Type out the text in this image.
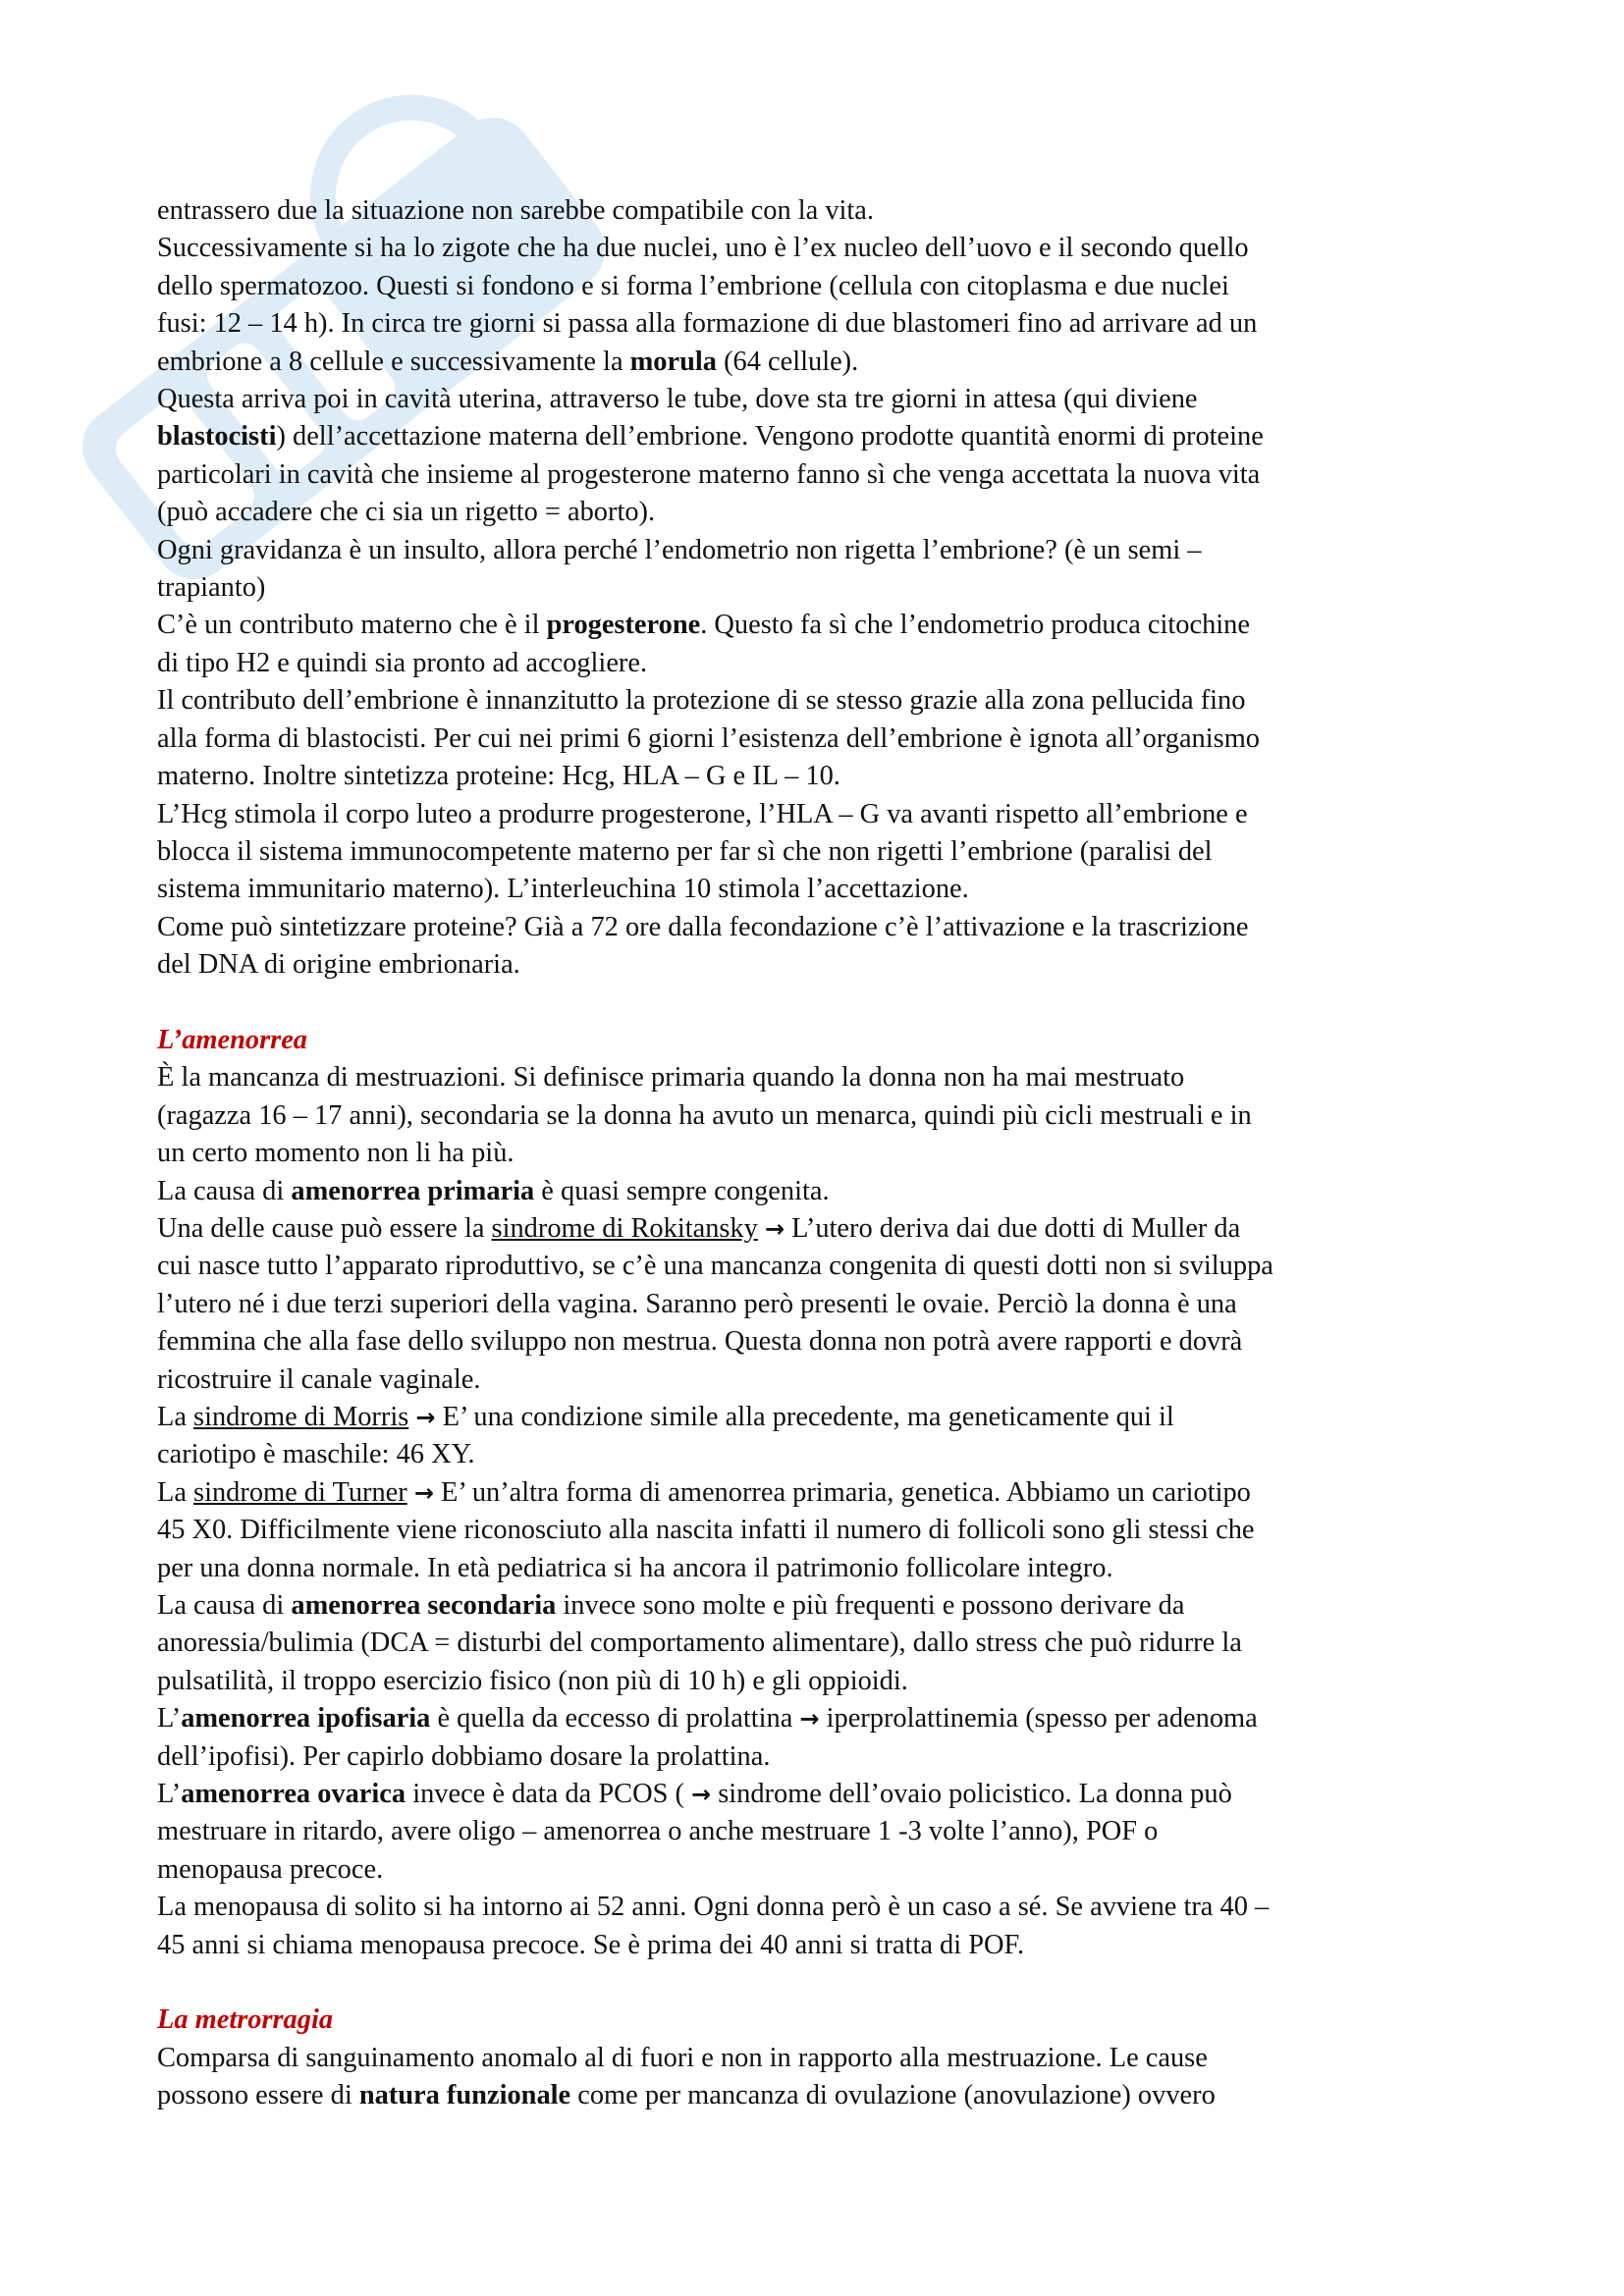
entrassero due la situazione non sarebbe compatibile con la vita.

Successivamente si ha lo zigote che ha due nuclei, uno è l’ex nucleo dell’uovo e il secondo quello

dello spermatozoo. Questi si fondono e si forma l’embrione (cellula con citoplasma e due nuclei

fusi: 12 – 14 h). In circa tre giorni si passa alla formazione di due blastomeri fino ad arrivare ad un

embrione a 8 cellule e successivamente la morula (64 cellule).

Questa arriva poi in cavità uterina, attraverso le tube, dove sta tre giorni in attesa (qui diviene

blastocisti) dell’accettazione materna dell’embrione. Vengono prodotte quantità enormi di proteine

particolari in cavità che insieme al progesterone materno fanno sì che venga accettata la nuova vita

(può accadere che ci sia un rigetto = aborto).

Ogni gravidanza è un insulto, allora perché l’endometrio non rigetta l’embrione? (è un semi –

trapianto)

C’è un contributo materno che è il progesterone. Questo fa sì che l’endometrio produca citochine

di tipo H2 e quindi sia pronto ad accogliere.

Il contributo dell’embrione è innanzitutto la protezione di se stesso grazie alla zona pellucida fino

alla forma di blastocisti. Per cui nei primi 6 giorni l’esistenza dell’embrione è ignota all’organismo

materno. Inoltre sintetizza proteine: Hcg, HLA – G e IL – 10.

L’Hcg stimola il corpo luteo a produrre progesterone, l’HLA – G va avanti rispetto all’embrione e

blocca il sistema immunocompetente materno per far sì che non rigetti l’embrione (paralisi del

sistema immunitario materno). L’interleuchina 10 stimola l’accettazione.

Come può sintetizzare proteine? Già a 72 ore dalla fecondazione c’è l’attivazione e la trascrizione

del DNA di origine embrionaria.

L’amenorrea

È la mancanza di mestruazioni. Si definisce primaria quando la donna non ha mai mestruato

(ragazza 16 – 17 anni), secondaria se la donna ha avuto un menarca, quindi più cicli mestruali e in

un certo momento non li ha più.

La causa di amenorrea primaria è quasi sempre congenita.

Una delle cause può essere la sindrome di Rokitansky → L’utero deriva dai due dotti di Muller da

cui nasce tutto l’apparato riproduttivo, se c’è una mancanza congenita di questi dotti non si sviluppa

l’utero né i due terzi superiori della vagina. Saranno però presenti le ovaie. Perciò la donna è una

femmina che alla fase dello sviluppo non mestrua. Questa donna non potrà avere rapporti e dovrà

ricostruire il canale vaginale.

La sindrome di Morris → E’ una condizione simile alla precedente, ma geneticamente qui il

cariotipo è maschile: 46 XY.

La sindrome di Turner → E’ un’altra forma di amenorrea primaria, genetica. Abbiamo un cariotipo

45 X0. Difficilmente viene riconosciuto alla nascita infatti il numero di follicoli sono gli stessi che

per una donna normale. In età pediatrica si ha ancora il patrimonio follicolare integro.

La causa di amenorrea secondaria invece sono molte e più frequenti e possono derivare da

anoressia/bulimia (DCA = disturbi del comportamento alimentare), dallo stress che può ridurre la

pulsatilità, il troppo esercizio fisico (non più di 10 h) e gli oppioidi.

L’amenorrea ipofisaria è quella da eccesso di prolattina → iperprolattinemia (spesso per adenoma

dell’ipofisi). Per capirlo dobbiamo dosare la prolattina.

L’amenorrea ovarica invece è data da PCOS ( → sindrome dell’ovaio policistico. La donna può

mestruare in ritardo, avere oligo – amenorrea o anche mestruare 1 -3 volte l’anno), POF o

menopausa precoce.

La menopausa di solito si ha intorno ai 52 anni. Ogni donna però è un caso a sé. Se avviene tra 40 –

45 anni si chiama menopausa precoce. Se è prima dei 40 anni si tratta di POF.

La metrorragia

Comparsa di sanguinamento anomalo al di fuori e non in rapporto alla mestruazione. Le cause

possono essere di natura funzionale come per mancanza di ovulazione (anovulazione) ovvero
